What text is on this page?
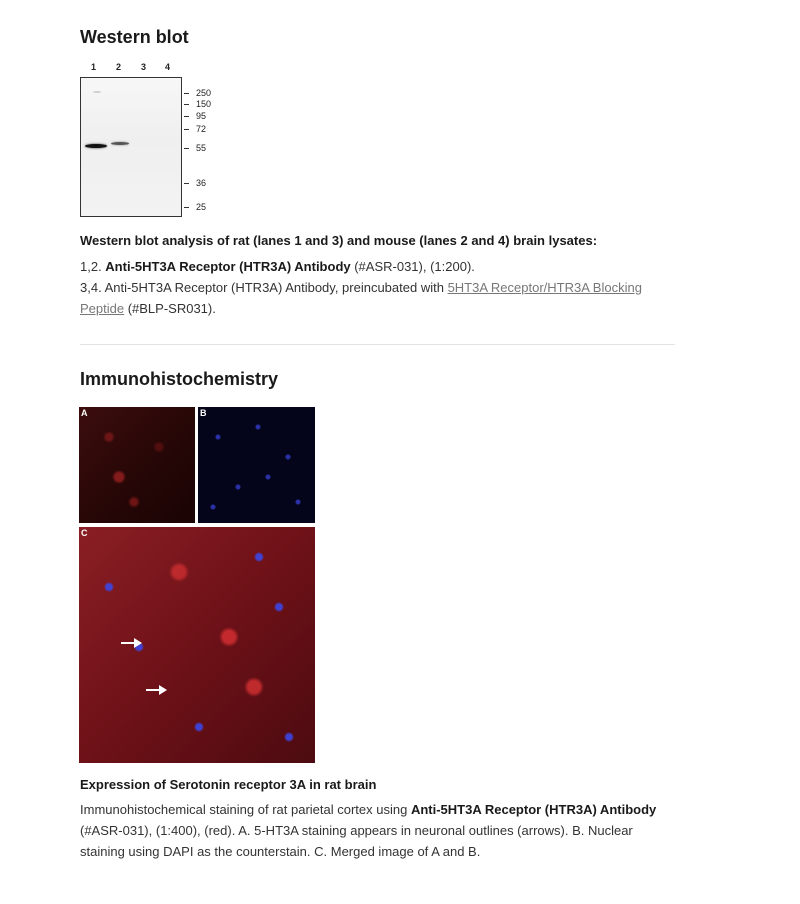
Western blot
1 2 3 4
250
150
95
72
55
36
25

Western blot analysis of rat (lanes 1 and 3) and mouse (lanes 2 and 4) brain lysates:

1,2. Anti-5HT3A Receptor (HTR3A) Antibody (#ASR-031), (1:200).
3,4. Anti-5HT3A Receptor (HTR3A) Antibody, preincubated with 5HT3A Receptor/HTR3A Blocking Peptide (#BLP-SR031).

Immunohistochemistry
A	B
C

Expression of Serotonin receptor 3A in rat brain

Immunohistochemical staining of rat parietal cortex using Anti-5HT3A Receptor (HTR3A) Antibody (#ASR-031), (1:400), (red). A. 5-HT3A staining appears in neuronal outlines (arrows). B. Nuclear staining using DAPI as the counterstain. C. Merged image of A and B.
